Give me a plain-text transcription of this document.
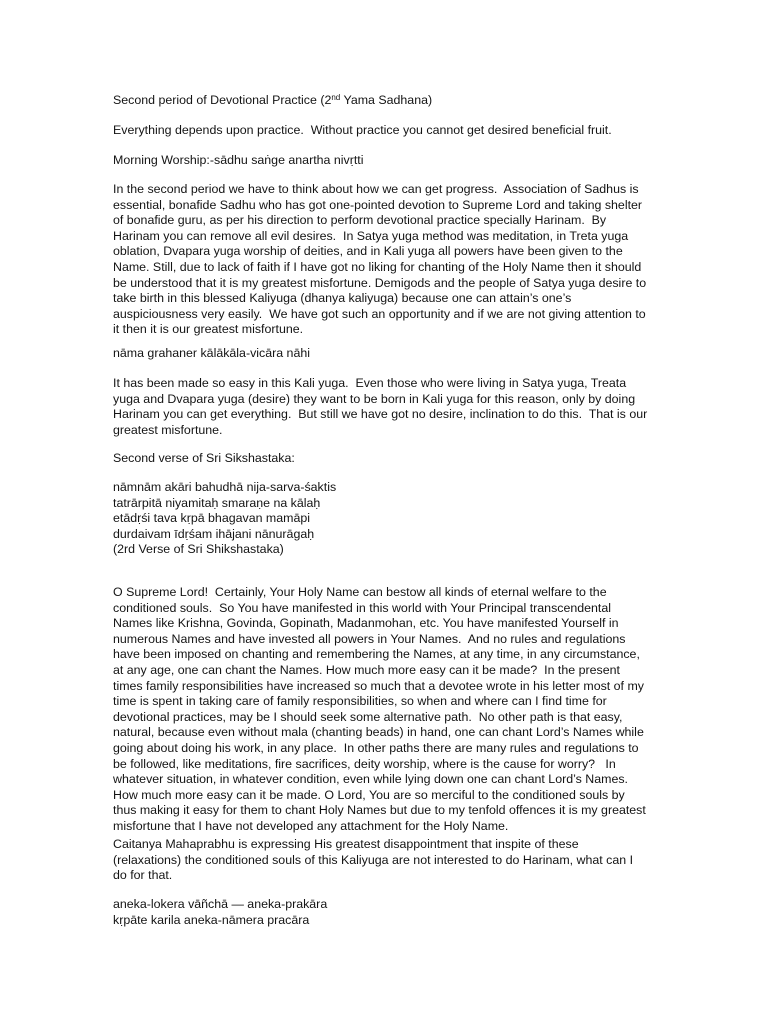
Second period of Devotional Practice (2nd Yama Sadhana)
Everything depends upon practice.  Without practice you cannot get desired beneficial fruit.
Morning Worship:-sādhu saṅge anartha nivṛtti
In the second period we have to think about how we can get progress.  Association of Sadhus is
essential, bonafide Sadhu who has got one-pointed devotion to Supreme Lord and taking shelter
of bonafide guru, as per his direction to perform devotional practice specially Harinam.  By
Harinam you can remove all evil desires.  In Satya yuga method was meditation, in Treta yuga
oblation, Dvapara yuga worship of deities, and in Kali yuga all powers have been given to the
Name. Still, due to lack of faith if I have got no liking for chanting of the Holy Name then it should
be understood that it is my greatest misfortune. Demigods and the people of Satya yuga desire to
take birth in this blessed Kaliyuga (dhanya kaliyuga) because one can attain’s one’s
auspiciousness very easily.  We have got such an opportunity and if we are not giving attention to
it then it is our greatest misfortune.
nāma grahaner kālākāla-vicāra nāhi
It has been made so easy in this Kali yuga.  Even those who were living in Satya yuga, Treata
yuga and Dvapara yuga (desire) they want to be born in Kali yuga for this reason, only by doing
Harinam you can get everything.  But still we have got no desire, inclination to do this.  That is our
greatest misfortune.
Second verse of Sri Sikshastaka:
nāmnām akāri bahudhā nija-sarva-śaktis
tatrārpitā niyamitaḥ smaraṇe na kālaḥ
etādṛśi tava kṛpā bhagavan mamāpi
durdaivam īdṛśam ihājani nānurāgaḥ
(2rd Verse of Sri Shikshastaka)
O Supreme Lord!  Certainly, Your Holy Name can bestow all kinds of eternal welfare to the
conditioned souls.  So You have manifested in this world with Your Principal transcendental
Names like Krishna, Govinda, Gopinath, Madanmohan, etc. You have manifested Yourself in
numerous Names and have invested all powers in Your Names.  And no rules and regulations
have been imposed on chanting and remembering the Names, at any time, in any circumstance,
at any age, one can chant the Names. How much more easy can it be made?  In the present
times family responsibilities have increased so much that a devotee wrote in his letter most of my
time is spent in taking care of family responsibilities, so when and where can I find time for
devotional practices, may be I should seek some alternative path.  No other path is that easy,
natural, because even without mala (chanting beads) in hand, one can chant Lord’s Names while
going about doing his work, in any place.  In other paths there are many rules and regulations to
be followed, like meditations, fire sacrifices, deity worship, where is the cause for worry?   In
whatever situation, in whatever condition, even while lying down one can chant Lord’s Names.
How much more easy can it be made. O Lord, You are so merciful to the conditioned souls by
thus making it easy for them to chant Holy Names but due to my tenfold offences it is my greatest
misfortune that I have not developed any attachment for the Holy Name.
Caitanya Mahaprabhu is expressing His greatest disappointment that inspite of these
(relaxations) the conditioned souls of this Kaliyuga are not interested to do Harinam, what can I
do for that.
aneka-lokera vāñchā — aneka-prakāra
kṛpāte karila aneka-nāmera pracāra
